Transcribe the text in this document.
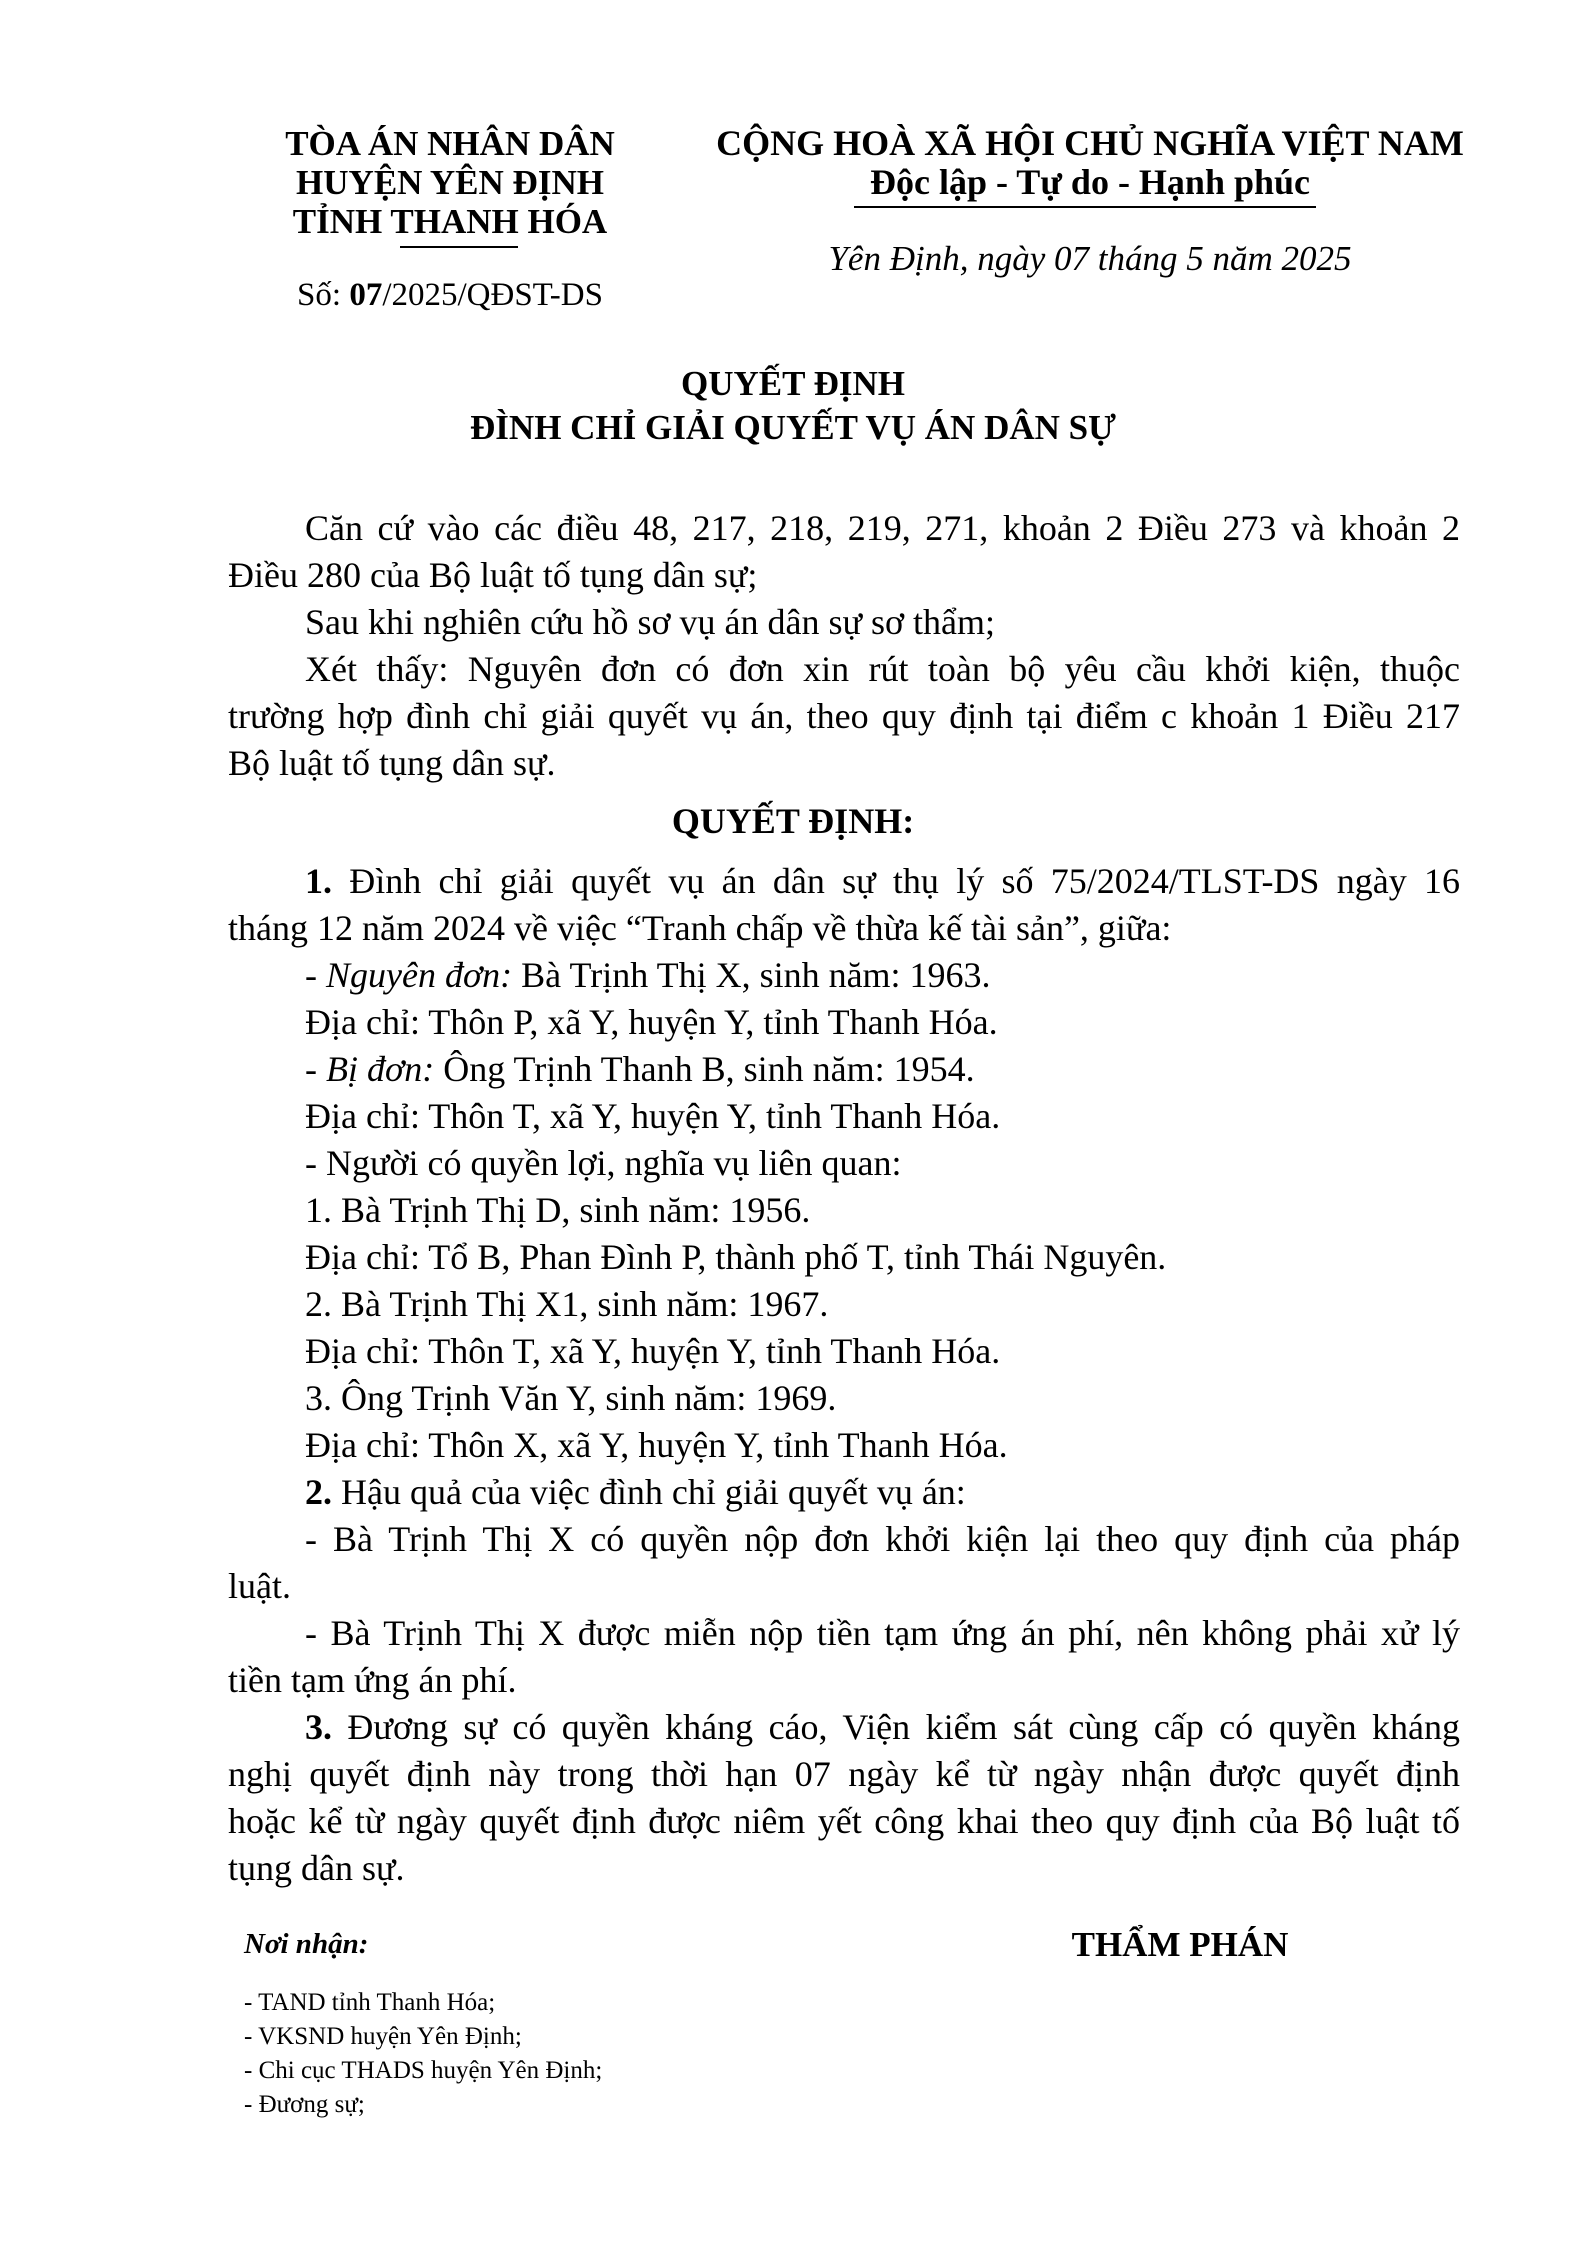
TÒA ÁN NHÂN DÂN
HUYỆN YÊN ĐỊNH
TỈNH THANH HÓA
Số: 07/2025/QĐST-DS
CỘNG HOÀ XÃ HỘI CHỦ NGHĨA VIỆT NAM
Độc lập - Tự do - Hạnh phúc
Yên Định, ngày 07 tháng 5 năm 2025
QUYẾT ĐỊNH
ĐÌNH CHỈ GIẢI QUYẾT VỤ ÁN DÂN SỰ
Căn cứ vào các điều 48, 217, 218, 219, 271, khoản 2 Điều 273 và khoản 2
Điều 280 của Bộ luật tố tụng dân sự;
Sau khi nghiên cứu hồ sơ vụ án dân sự sơ thẩm;
Xét thấy: Nguyên đơn có đơn xin rút toàn bộ yêu cầu khởi kiện, thuộc
trường hợp đình chỉ giải quyết vụ án, theo quy định tại điểm c khoản 1 Điều 217
Bộ luật tố tụng dân sự.
QUYẾT ĐỊNH:
1. Đình chỉ giải quyết vụ án dân sự thụ lý số 75/2024/TLST-DS ngày 16
tháng 12 năm 2024 về việc “Tranh chấp về thừa kế tài sản”, giữa:
- Nguyên đơn: Bà Trịnh Thị X, sinh năm: 1963.
Địa chỉ: Thôn P, xã Y, huyện Y, tỉnh Thanh Hóa.
- Bị đơn: Ông Trịnh Thanh B, sinh năm: 1954.
Địa chỉ: Thôn T, xã Y, huyện Y, tỉnh Thanh Hóa.
- Người có quyền lợi, nghĩa vụ liên quan:
1. Bà Trịnh Thị D, sinh năm: 1956.
Địa chỉ: Tổ B, Phan Đình P, thành phố T, tỉnh Thái Nguyên.
2. Bà Trịnh Thị X1, sinh năm: 1967.
Địa chỉ: Thôn T, xã Y, huyện Y, tỉnh Thanh Hóa.
3. Ông Trịnh Văn Y, sinh năm: 1969.
Địa chỉ: Thôn X, xã Y, huyện Y, tỉnh Thanh Hóa.
2. Hậu quả của việc đình chỉ giải quyết vụ án:
- Bà Trịnh Thị X có quyền nộp đơn khởi kiện lại theo quy định của pháp
luật.
- Bà Trịnh Thị X được miễn nộp tiền tạm ứng án phí, nên không phải xử lý
tiền tạm ứng án phí.
3. Đương sự có quyền kháng cáo, Viện kiểm sát cùng cấp có quyền kháng
nghị quyết định này trong thời hạn 07 ngày kể từ ngày nhận được quyết định
hoặc kể từ ngày quyết định được niêm yết công khai theo quy định của Bộ luật tố
tụng dân sự.
Nơi nhận:
- TAND tỉnh Thanh Hóa;
- VKSND huyện Yên Định;
- Chi cục THADS huyện Yên Định;
- Đương sự;
THẨM PHÁN
